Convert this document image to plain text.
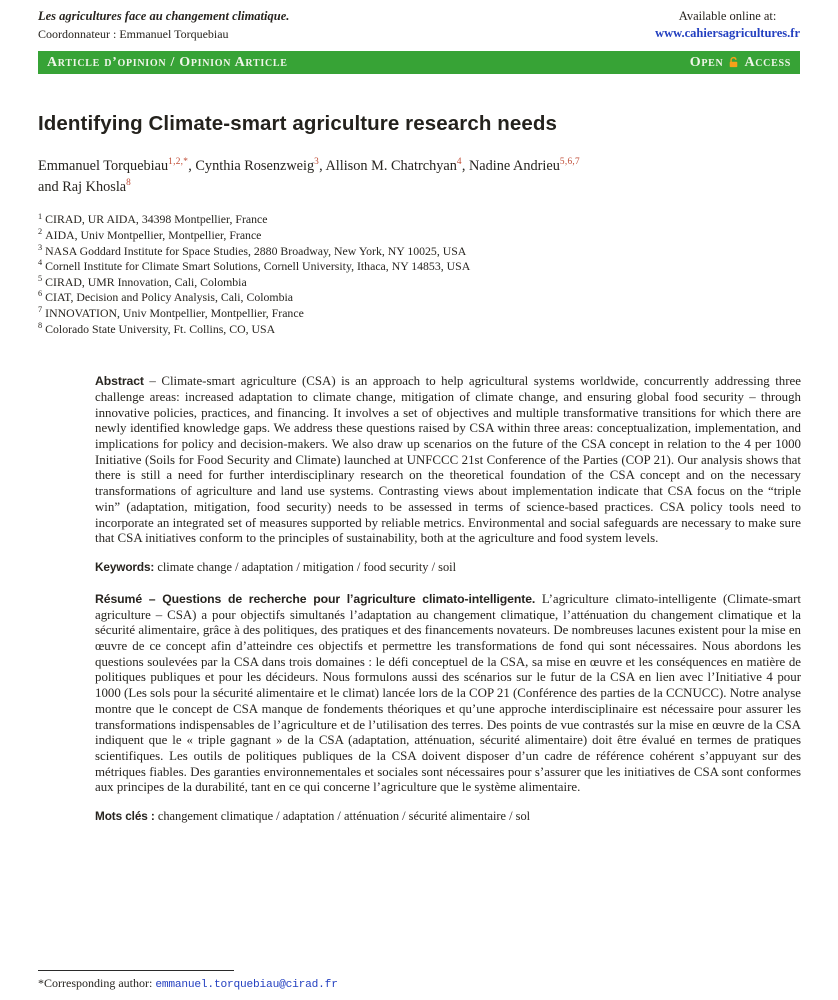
Les agricultures face au changement climatique.
Coordonnateur : Emmanuel Torquebiau
Available online at:
www.cahiersagricultures.fr
Article d’opinion / Opinion Article	Open Access
Identifying Climate-smart agriculture research needs

Emmanuel Torquebiau$^{1,2,*}$, Cynthia Rosenzweig$^3$, Allison M. Chatrchyan$^4$, Nadine Andrieu$^{5,6,7}$
and Raj Khosla$^8$

$^1$ CIRAD, UR AIDA, 34398 Montpellier, France
$^2$ AIDA, Univ Montpellier, Montpellier, France
$^3$ NASA Goddard Institute for Space Studies, 2880 Broadway, New York, NY 10025, USA
$^4$ Cornell Institute for Climate Smart Solutions, Cornell University, Ithaca, NY 14853, USA
$^5$ CIRAD, UMR Innovation, Cali, Colombia
$^6$ CIAT, Decision and Policy Analysis, Cali, Colombia
$^7$ INNOVATION, Univ Montpellier, Montpellier, France
$^8$ Colorado State University, Ft. Collins, CO, USA

Abstract – Climate-smart agriculture (CSA) is an approach to help agricultural systems worldwide, concurrently addressing three challenge areas: increased adaptation to climate change, mitigation of climate change, and ensuring global food security – through innovative policies, practices, and financing. It involves a set of objectives and multiple transformative transitions for which there are newly identified knowledge gaps. We address these questions raised by CSA within three areas: conceptualization, implementation, and implications for policy and decision-makers. We also draw up scenarios on the future of the CSA concept in relation to the 4 per 1000 Initiative (Soils for Food Security and Climate) launched at UNFCCC 21st Conference of the Parties (COP 21). Our analysis shows that there is still a need for further interdisciplinary research on the theoretical foundation of the CSA concept and on the necessary transformations of agriculture and land use systems. Contrasting views about implementation indicate that CSA focus on the “triple win” (adaptation, mitigation, food security) needs to be assessed in terms of science-based practices. CSA policy tools need to incorporate an integrated set of measures supported by reliable metrics. Environmental and social safeguards are necessary to make sure that CSA initiatives conform to the principles of sustainability, both at the agriculture and food system levels.

Keywords: climate change / adaptation / mitigation / food security / soil

Résumé – Questions de recherche pour l’agriculture climato-intelligente. L’agriculture climato-intelligente (Climate-smart agriculture – CSA) a pour objectifs simultanés l’adaptation au changement climatique, l’atténuation du changement climatique et la sécurité alimentaire, grâce à des politiques, des pratiques et des financements novateurs. De nombreuses lacunes existent pour la mise en œuvre de ce concept afin d’atteindre ces objectifs et permettre les transformations de fond qui sont nécessaires. Nous abordons les questions soulevées par la CSA dans trois domaines : le défi conceptuel de la CSA, sa mise en œuvre et les conséquences en matière de politiques publiques et pour les décideurs. Nous formulons aussi des scénarios sur le futur de la CSA en lien avec l’Initiative 4 pour 1000 (Les sols pour la sécurité alimentaire et le climat) lancée lors de la COP 21 (Conférence des parties de la CCNUCC). Notre analyse montre que le concept de CSA manque de fondements théoriques et qu’une approche interdisciplinaire est nécessaire pour assurer les transformations indispensables de l’agriculture et de l’utilisation des terres. Des points de vue contrastés sur la mise en œuvre de la CSA indiquent que le « triple gagnant » de la CSA (adaptation, atténuation, sécurité alimentaire) doit être évalué en termes de pratiques scientifiques. Les outils de politiques publiques de la CSA doivent disposer d’un cadre de référence cohérent s’appuyant sur des métriques fiables. Des garanties environnementales et sociales sont nécessaires pour s’assurer que les initiatives de CSA sont conformes aux principes de la durabilité, tant en ce qui concerne l’agriculture que le système alimentaire.

Mots clés : changement climatique / adaptation / atténuation / sécurité alimentaire / sol

*Corresponding author: emmanuel.torquebiau@cirad.fr
